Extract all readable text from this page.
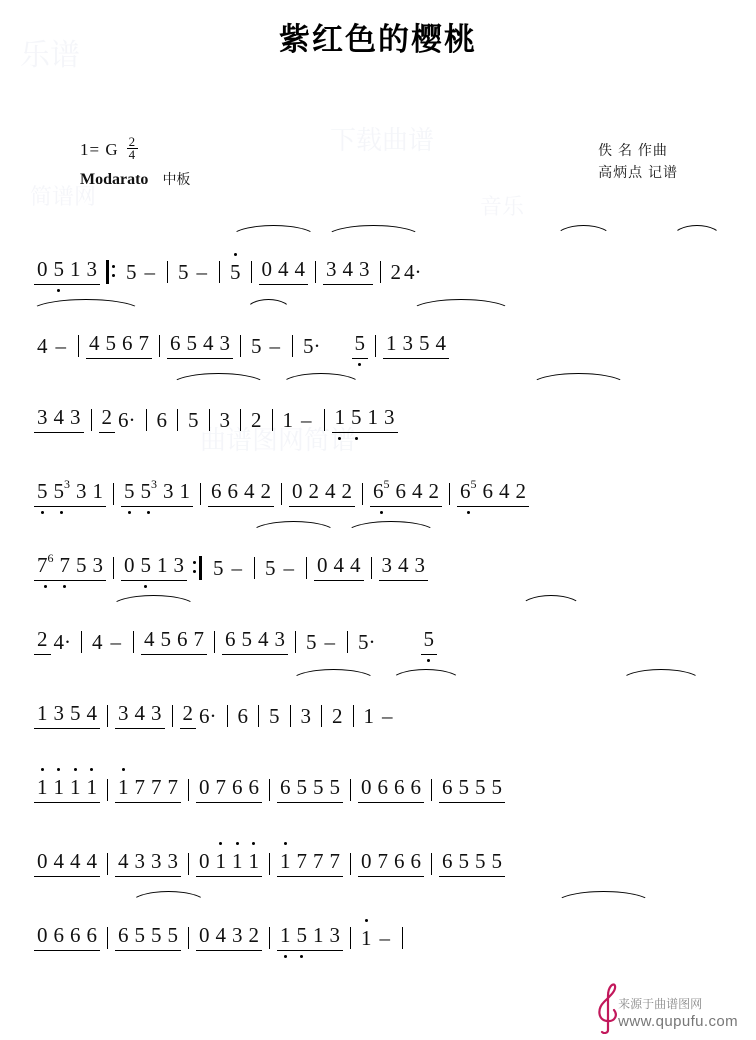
乐谱
下载曲谱
简谱网
曲谱图网简谱
音乐
紫红色的樱桃
1= G $\frac{2}{4}$
Modarato 中板
佚 名 作曲
高炳点 记谱
0 5 1 3 5 – 5 – 5 0 4 4 3 4 3 2 4·
4 – 4 5 6 7 6 5 4 3 5 – 5· 5 1 3 5 4
3 4 3 2 6· 6 5 3 2 1 – 1 5 1 3
5 $5^3$ 3 1 5 $5^3$ 3 1 6 6 4 2 0 2 4 2 $6^5$ 6 4 2 $6^5$ 6 4 2
$7^6$ 7 5 3 0 5 1 3 5 – 5 – 0 4 4 3 4 3
2 4· 4 – 4 5 6 7 6 5 4 3 5 – 5· 5
1 3 5 4 3 4 3 2 6· 6 5 3 2 1 –
1 1 1 1 1 7 7 7 0 7 6 6 6 5 5 5 0 6 6 6 6 5 5 5
0 4 4 4 4 3 3 3 0 1 1 1 1 7 7 7 0 7 6 6 6 5 5 5
0 6 6 6 6 5 5 5 0 4 3 2 1 5 1 3 1 –
来源于曲谱图网
www.qupufu.com
